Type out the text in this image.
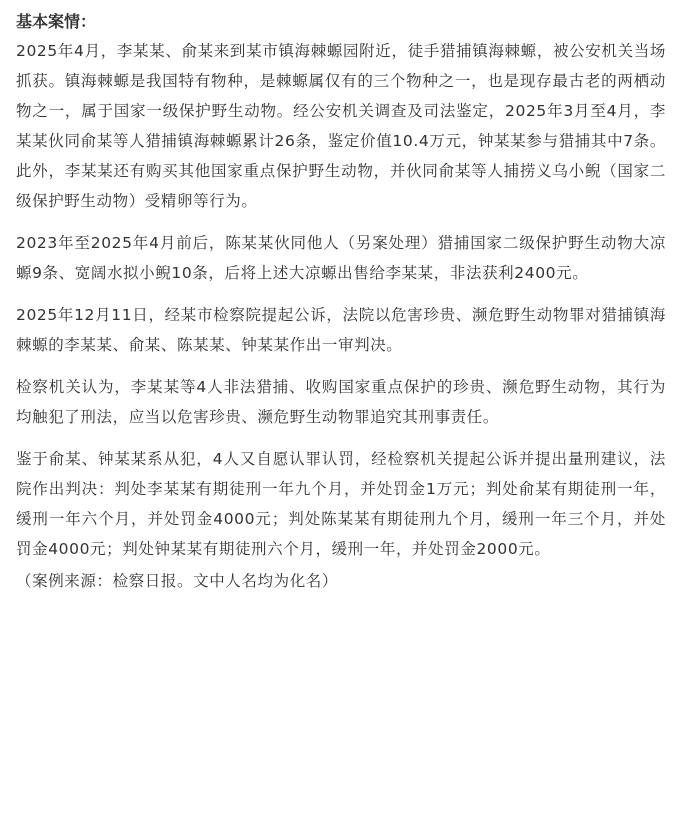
基本案情：

2025年4月，李某某、俞某来到某市镇海棘螈园附近，徒手猎捕镇海棘螈，被公安机关当场抓获。镇海棘螈是我国特有物种，是棘螈属仅有的三个物种之一，也是现存最古老的两栖动物之一，属于国家一级保护野生动物。经公安机关调查及司法鉴定，2025年3月至4月，李某某伙同俞某等人猎捕镇海棘螈累计26条，鉴定价值10.4万元，钟某某参与猎捕其中7条。此外，李某某还有购买其他国家重点保护野生动物，并伙同俞某等人捕捞义乌小鲵（国家二级保护野生动物）受精卵等行为。

2023年至2025年4月前后，陈某某伙同他人（另案处理）猎捕国家二级保护野生动物大凉螈9条、宽阔水拟小鲵10条，后将上述大凉螈出售给李某某，非法获利2400元。

2025年12月11日，经某市检察院提起公诉，法院以危害珍贵、濒危野生动物罪对猎捕镇海棘螈的李某某、俞某、陈某某、钟某某作出一审判决。

检察机关认为，李某某等4人非法猎捕、收购国家重点保护的珍贵、濒危野生动物，其行为均触犯了刑法，应当以危害珍贵、濒危野生动物罪追究其刑事责任。

鉴于俞某、钟某某系从犯，4人又自愿认罪认罚，经检察机关提起公诉并提出量刑建议，法院作出判决：判处李某某有期徒刑一年九个月，并处罚金1万元；判处俞某有期徒刑一年，缓刑一年六个月，并处罚金4000元；判处陈某某有期徒刑九个月，缓刑一年三个月，并处罚金4000元；判处钟某某有期徒刑六个月，缓刑一年，并处罚金2000元。

（案例来源：检察日报。文中人名均为化名）
